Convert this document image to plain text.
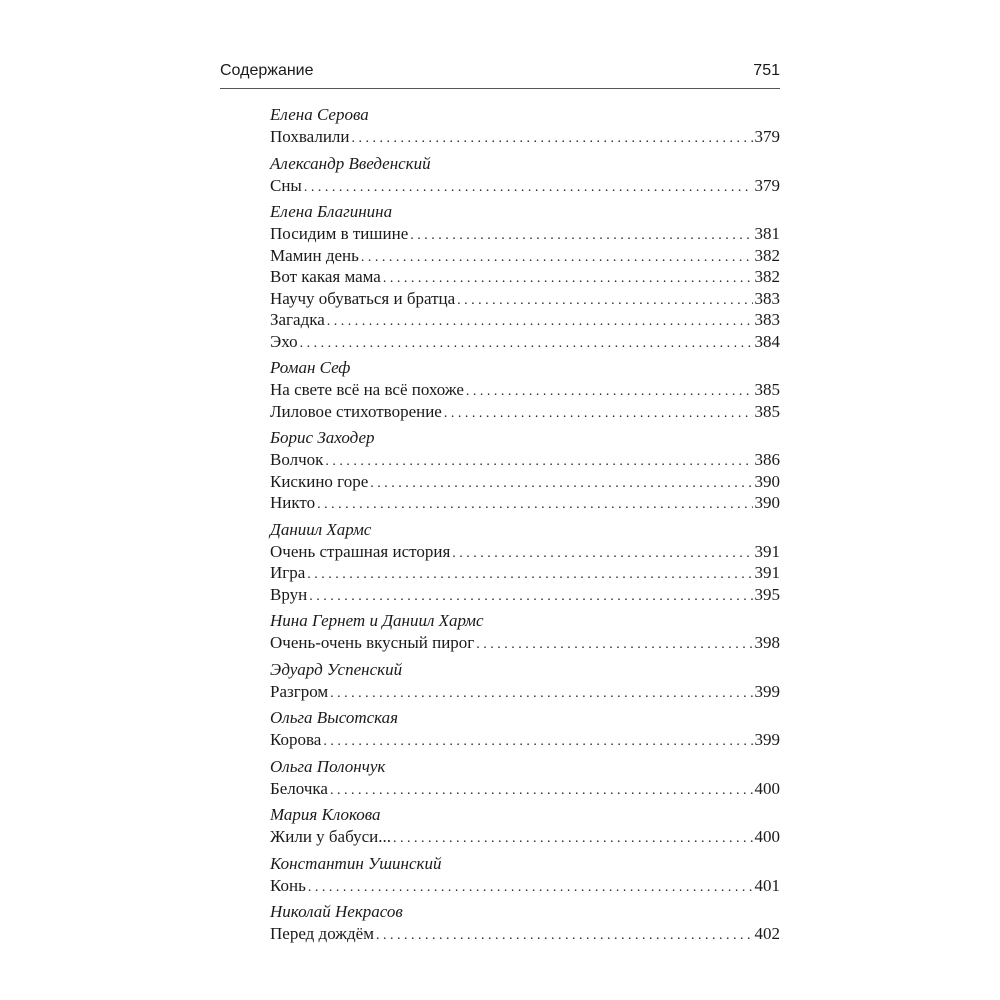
Содержание	751
Елена Серова
Похвалили . . .	379
Александр Введенский
Сны . . .	379
Елена Благинина
Посидим в тишине . . .	381
Мамин день . . .	382
Вот какая мама . . .	382
Научу обуваться и братца . . .	383
Загадка . . .	383
Эхо . . .	384
Роман Сеф
На свете всё на всё похоже . . .	385
Лиловое стихотворение . . .	385
Борис Заходер
Волчок . . .	386
Кискино горе . . .	390
Никто . . .	390
Даниил Хармс
Очень страшная история . . .	391
Игра . . .	391
Врун . . .	395
Нина Гернет и Даниил Хармс
Очень-очень вкусный пирог . . .	398
Эдуард Успенский
Разгром . . .	399
Ольга Высотская
Корова . . .	399
Ольга Полончук
Белочка . . .	400
Мария Клокова
Жили у бабуси... . . .	400
Константин Ушинский
Конь . . .	401
Николай Некрасов
Перед дождём . . .	402
